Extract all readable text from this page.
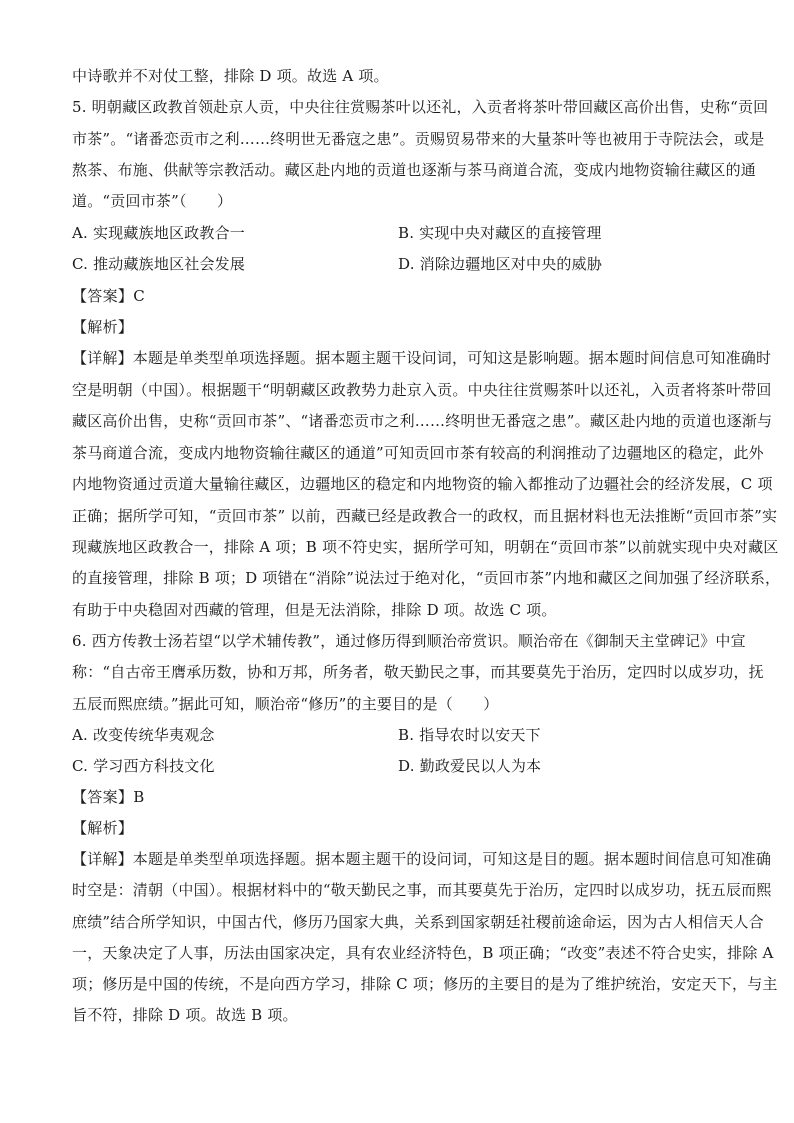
中诗歌并不对仗工整，排除 D 项。故选 A 项。
5. 明朝藏区政教首领赴京人贡，中央往往赏赐茶叶以还礼，入贡者将茶叶带回藏区高价出售，史称“贡回
市茶”。“诸番恋贡市之利……终明世无番寇之患”。贡赐贸易带来的大量茶叶等也被用于寺院法会，或是
熬茶、布施、供献等宗教活动。藏区赴内地的贡道也逐渐与茶马商道合流，变成内地物资输往藏区的通
道。“贡回市茶”（　　）
A. 实现藏族地区政教合一	B. 实现中央对藏区的直接管理
C. 推动藏族地区社会发展	D. 消除边疆地区对中央的威胁
【答案】C
【解析】
【详解】本题是单类型单项选择题。据本题主题干设问词，可知这是影响题。据本题时间信息可知准确时
空是明朝（中国）。根据题干“明朝藏区政教势力赴京入贡。中央往往赏赐茶叶以还礼，入贡者将茶叶带回
藏区高价出售，史称“贡回市茶”、“诸番恋贡市之利……终明世无番寇之患”。藏区赴内地的贡道也逐渐与
茶马商道合流，变成内地物资输往藏区的通道”可知贡回市茶有较高的利润推动了边疆地区的稳定，此外
内地物资通过贡道大量输往藏区，边疆地区的稳定和内地物资的输入都推动了边疆社会的经济发展，C 项
正确；据所学可知，“贡回市茶” 以前，西藏已经是政教合一的政权，而且据材料也无法推断“贡回市茶”实
现藏族地区政教合一，排除 A 项；B 项不符史实，据所学可知，明朝在“贡回市茶”以前就实现中央对藏区
的直接管理，排除 B 项；D 项错在“消除”说法过于绝对化，“贡回市茶”内地和藏区之间加强了经济联系，
有助于中央稳固对西藏的管理，但是无法消除，排除 D 项。故选 C 项。
6. 西方传教士汤若望“以学术辅传教”，通过修历得到顺治帝赏识。顺治帝在《御制天主堂碑记》中宣
称：“自古帝王膺承历数，协和万邦，所务者，敬天勤民之事，而其要莫先于治历，定四时以成岁功，抚
五辰而熙庶绩。”据此可知，顺治帝“修历”的主要目的是（　　）
A. 改变传统华夷观念	B. 指导农时以安天下
C. 学习西方科技文化	D. 勤政爱民以人为本
【答案】B
【解析】
【详解】本题是单类型单项选择题。据本题主题干的设问词，可知这是目的题。据本题时间信息可知准确
时空是：清朝（中国）。根据材料中的“敬天勤民之事，而其要莫先于治历，定四时以成岁功，抚五辰而熙
庶绩”结合所学知识，中国古代，修历乃国家大典，关系到国家朝廷社稷前途命运，因为古人相信天人合
一，天象决定了人事，历法由国家决定，具有农业经济特色，B 项正确；“改变”表述不符合史实，排除 A
项；修历是中国的传统，不是向西方学习，排除 C 项；修历的主要目的是为了维护统治，安定天下，与主
旨不符，排除 D 项。故选 B 项。
